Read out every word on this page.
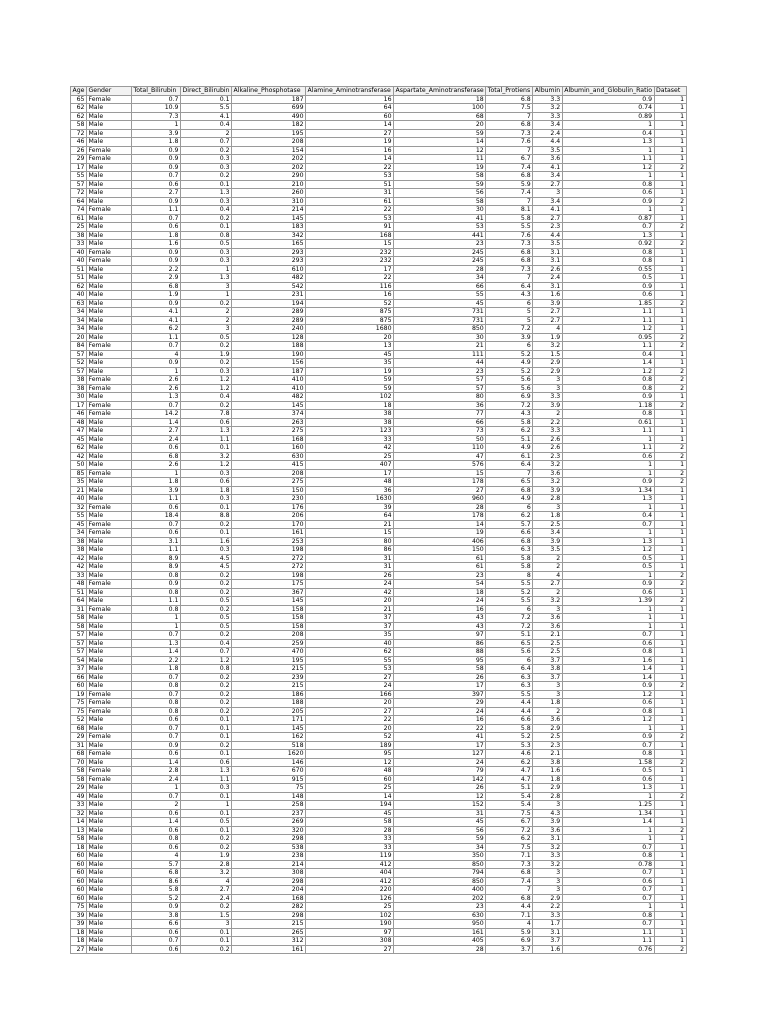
Age	Gender	Total_Bilirubin	Direct_Bilirubin	Alkaline_Phosphotase	Alamine_Aminotransferase	Aspartate_Aminotransferase	Total_Protiens	Albumin	Albumin_and_Globulin_Ratio	Dataset
65	Female	0.7	0.1	187	16	18	6.8	3.3	0.9	1
62	Male	10.9	5.5	699	64	100	7.5	3.2	0.74	1
62	Male	7.3	4.1	490	60	68	7	3.3	0.89	1
58	Male	1	0.4	182	14	20	6.8	3.4	1	1
72	Male	3.9	2	195	27	59	7.3	2.4	0.4	1
46	Male	1.8	0.7	208	19	14	7.6	4.4	1.3	1
26	Female	0.9	0.2	154	16	12	7	3.5	1	1
29	Female	0.9	0.3	202	14	11	6.7	3.6	1.1	1
17	Male	0.9	0.3	202	22	19	7.4	4.1	1.2	2
55	Male	0.7	0.2	290	53	58	6.8	3.4	1	1
57	Male	0.6	0.1	210	51	59	5.9	2.7	0.8	1
72	Male	2.7	1.3	260	31	56	7.4	3	0.6	1
64	Male	0.9	0.3	310	61	58	7	3.4	0.9	2
74	Female	1.1	0.4	214	22	30	8.1	4.1	1	1
61	Male	0.7	0.2	145	53	41	5.8	2.7	0.87	1
25	Male	0.6	0.1	183	91	53	5.5	2.3	0.7	2
38	Male	1.8	0.8	342	168	441	7.6	4.4	1.3	1
33	Male	1.6	0.5	165	15	23	7.3	3.5	0.92	2
40	Female	0.9	0.3	293	232	245	6.8	3.1	0.8	1
40	Female	0.9	0.3	293	232	245	6.8	3.1	0.8	1
51	Male	2.2	1	610	17	28	7.3	2.6	0.55	1
51	Male	2.9	1.3	482	22	34	7	2.4	0.5	1
62	Male	6.8	3	542	116	66	6.4	3.1	0.9	1
40	Male	1.9	1	231	16	55	4.3	1.6	0.6	1
63	Male	0.9	0.2	194	52	45	6	3.9	1.85	2
34	Male	4.1	2	289	875	731	5	2.7	1.1	1
34	Male	4.1	2	289	875	731	5	2.7	1.1	1
34	Male	6.2	3	240	1680	850	7.2	4	1.2	1
20	Male	1.1	0.5	128	20	30	3.9	1.9	0.95	2
84	Female	0.7	0.2	188	13	21	6	3.2	1.1	2
57	Male	4	1.9	190	45	111	5.2	1.5	0.4	1
52	Male	0.9	0.2	156	35	44	4.9	2.9	1.4	1
57	Male	1	0.3	187	19	23	5.2	2.9	1.2	2
38	Female	2.6	1.2	410	59	57	5.6	3	0.8	2
38	Female	2.6	1.2	410	59	57	5.6	3	0.8	2
30	Male	1.3	0.4	482	102	80	6.9	3.3	0.9	1
17	Female	0.7	0.2	145	18	36	7.2	3.9	1.18	2
46	Female	14.2	7.8	374	38	77	4.3	2	0.8	1
48	Male	1.4	0.6	263	38	66	5.8	2.2	0.61	1
47	Male	2.7	1.3	275	123	73	6.2	3.3	1.1	1
45	Male	2.4	1.1	168	33	50	5.1	2.6	1	1
62	Male	0.6	0.1	160	42	110	4.9	2.6	1.1	2
42	Male	6.8	3.2	630	25	47	6.1	2.3	0.6	2
50	Male	2.6	1.2	415	407	576	6.4	3.2	1	1
85	Female	1	0.3	208	17	15	7	3.6	1	2
35	Male	1.8	0.6	275	48	178	6.5	3.2	0.9	2
21	Male	3.9	1.8	150	36	27	6.8	3.9	1.34	1
40	Male	1.1	0.3	230	1630	960	4.9	2.8	1.3	1
32	Female	0.6	0.1	176	39	28	6	3	1	1
55	Male	18.4	8.8	206	64	178	6.2	1.8	0.4	1
45	Female	0.7	0.2	170	21	14	5.7	2.5	0.7	1
34	Female	0.6	0.1	161	15	19	6.6	3.4	1	1
38	Male	3.1	1.6	253	80	406	6.8	3.9	1.3	1
38	Male	1.1	0.3	198	86	150	6.3	3.5	1.2	1
42	Male	8.9	4.5	272	31	61	5.8	2	0.5	1
42	Male	8.9	4.5	272	31	61	5.8	2	0.5	1
33	Male	0.8	0.2	198	26	23	8	4	1	2
48	Female	0.9	0.2	175	24	54	5.5	2.7	0.9	2
51	Male	0.8	0.2	367	42	18	5.2	2	0.6	1
64	Male	1.1	0.5	145	20	24	5.5	3.2	1.39	2
31	Female	0.8	0.2	158	21	16	6	3	1	1
58	Male	1	0.5	158	37	43	7.2	3.6	1	1
58	Male	1	0.5	158	37	43	7.2	3.6	1	1
57	Male	0.7	0.2	208	35	97	5.1	2.1	0.7	1
57	Male	1.3	0.4	259	40	86	6.5	2.5	0.6	1
57	Male	1.4	0.7	470	62	88	5.6	2.5	0.8	1
54	Male	2.2	1.2	195	55	95	6	3.7	1.6	1
37	Male	1.8	0.8	215	53	58	6.4	3.8	1.4	1
66	Male	0.7	0.2	239	27	26	6.3	3.7	1.4	1
60	Male	0.8	0.2	215	24	17	6.3	3	0.9	2
19	Female	0.7	0.2	186	166	397	5.5	3	1.2	1
75	Female	0.8	0.2	188	20	29	4.4	1.8	0.6	1
75	Female	0.8	0.2	205	27	24	4.4	2	0.8	1
52	Male	0.6	0.1	171	22	16	6.6	3.6	1.2	1
68	Male	0.7	0.1	145	20	22	5.8	2.9	1	1
29	Female	0.7	0.1	162	52	41	5.2	2.5	0.9	2
31	Male	0.9	0.2	518	189	17	5.3	2.3	0.7	1
68	Female	0.6	0.1	1620	95	127	4.6	2.1	0.8	1
70	Male	1.4	0.6	146	12	24	6.2	3.8	1.58	2
58	Female	2.8	1.3	670	48	79	4.7	1.6	0.5	1
58	Female	2.4	1.1	915	60	142	4.7	1.8	0.6	1
29	Male	1	0.3	75	25	26	5.1	2.9	1.3	1
49	Male	0.7	0.1	148	14	12	5.4	2.8	1	2
33	Male	2	1	258	194	152	5.4	3	1.25	1
32	Male	0.6	0.1	237	45	31	7.5	4.3	1.34	1
14	Male	1.4	0.5	269	58	45	6.7	3.9	1.4	1
13	Male	0.6	0.1	320	28	56	7.2	3.6	1	2
58	Male	0.8	0.2	298	33	59	6.2	3.1	1	1
18	Male	0.6	0.2	538	33	34	7.5	3.2	0.7	1
60	Male	4	1.9	238	119	350	7.1	3.3	0.8	1
60	Male	5.7	2.8	214	412	850	7.3	3.2	0.78	1
60	Male	6.8	3.2	308	404	794	6.8	3	0.7	1
60	Male	8.6	4	298	412	850	7.4	3	0.6	1
60	Male	5.8	2.7	204	220	400	7	3	0.7	1
60	Male	5.2	2.4	168	126	202	6.8	2.9	0.7	1
75	Male	0.9	0.2	282	25	23	4.4	2.2	1	1
39	Male	3.8	1.5	298	102	630	7.1	3.3	0.8	1
39	Male	6.6	3	215	190	950	4	1.7	0.7	1
18	Male	0.6	0.1	265	97	161	5.9	3.1	1.1	1
18	Male	0.7	0.1	312	308	405	6.9	3.7	1.1	1
27	Male	0.6	0.2	161	27	28	3.7	1.6	0.76	2
